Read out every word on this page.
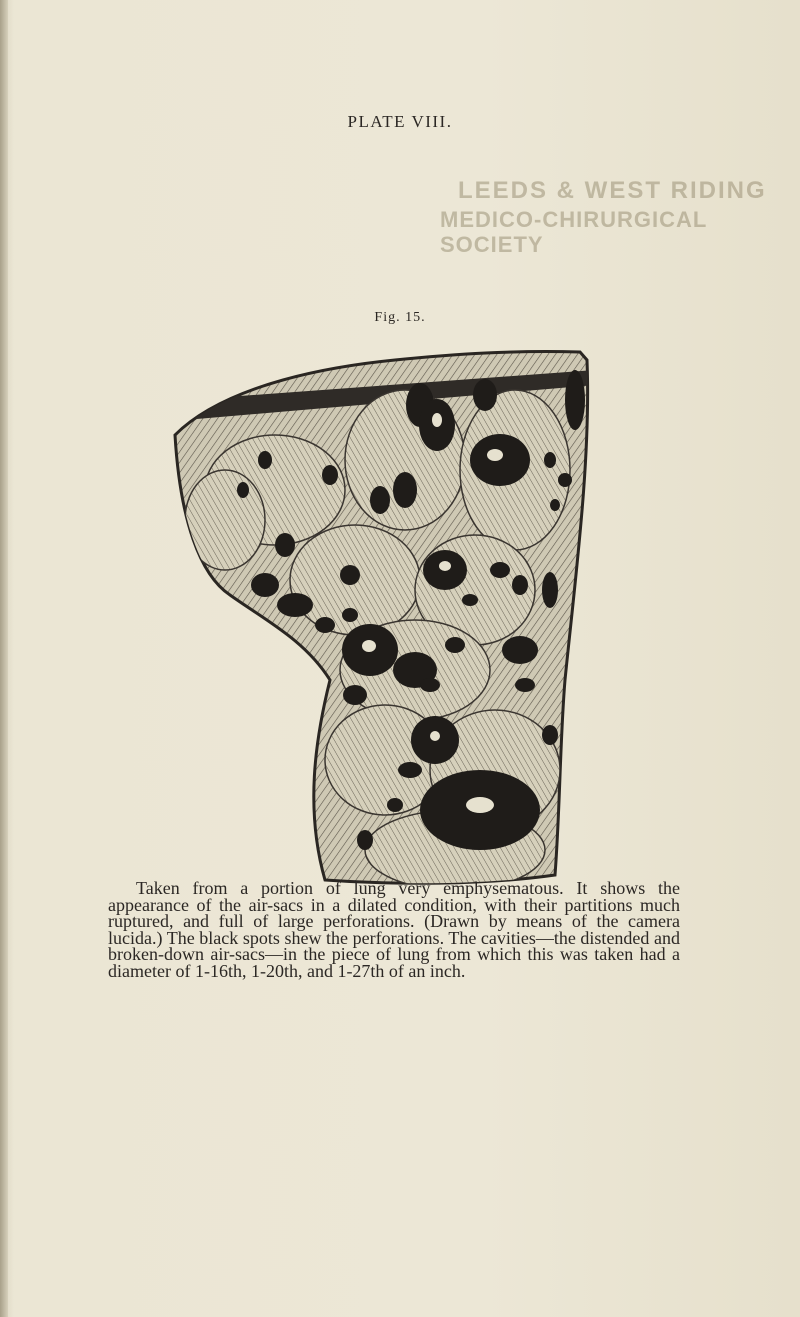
PLATE VIII.
LEEDS & WEST RIDING
MEDICO-CHIRURGICAL SOCIETY
Fig. 15.

Taken from a portion of lung very emphysematous. It shows the appearance of the air-sacs in a dilated condition, with their partitions much ruptured, and full of large perforations. (Drawn by means of the camera lucida.) The black spots shew the perforations. The cavities—the distended and broken-down air-sacs—in the piece of lung from which this was taken had a diameter of 1-16th, 1-20th, and 1-27th of an inch.
